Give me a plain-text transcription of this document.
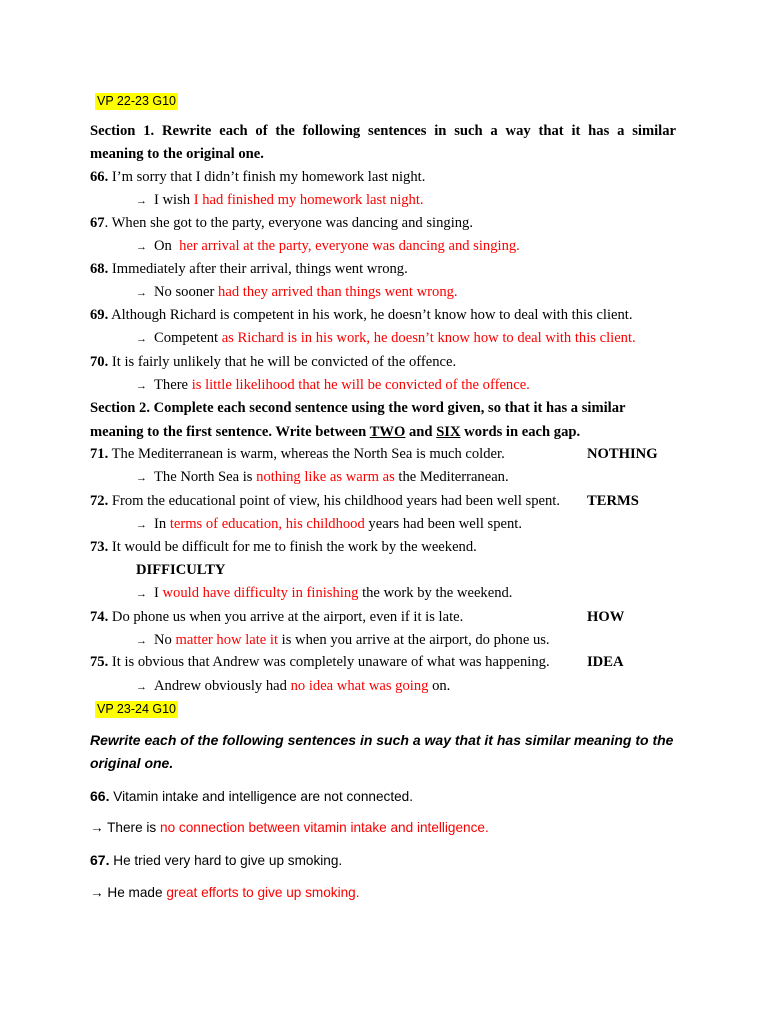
VP 22-23 G10
Section 1. Rewrite each of the following sentences in such a way that it has a similar
meaning to the original one.
66. I’m sorry that I didn’t finish my homework last night.
→ I wish I had finished my homework last night.
67. When she got to the party, everyone was dancing and singing.
→ On  her arrival at the party, everyone was dancing and singing.
68. Immediately after their arrival, things went wrong.
→ No sooner had they arrived than things went wrong.
69. Although Richard is competent in his work, he doesn’t know how to deal with this client.
→ Competent as Richard is in his work, he doesn’t know how to deal with this client.
70. It is fairly unlikely that he will be convicted of the offence.
→ There is little likelihood that he will be convicted of the offence.
Section 2. Complete each second sentence using the word given, so that it has a similar
meaning to the first sentence. Write between TWO and SIX words in each gap.
71. The Mediterranean is warm, whereas the North Sea is much colder.	NOTHING
→ The North Sea is nothing like as warm as the Mediterranean.
72. From the educational point of view, his childhood years had been well spent. TERMS
→ In terms of education, his childhood years had been well spent.
73. It would be difficult for me to finish the work by the weekend.
DIFFICULTY
→ I would have difficulty in finishing the work by the weekend.
74. Do phone us when you arrive at the airport, even if it is late.	HOW
→ No matter how late it is when you arrive at the airport, do phone us.
75. It is obvious that Andrew was completely unaware of what was happening.	IDEA
→ Andrew obviously had no idea what was going on.
VP 23-24 G10
Rewrite each of the following sentences in such a way that it has similar meaning to the
original one.
66. Vitamin intake and intelligence are not connected.
→ There is no connection between vitamin intake and intelligence.
67. He tried very hard to give up smoking.
→ He made great efforts to give up smoking.
